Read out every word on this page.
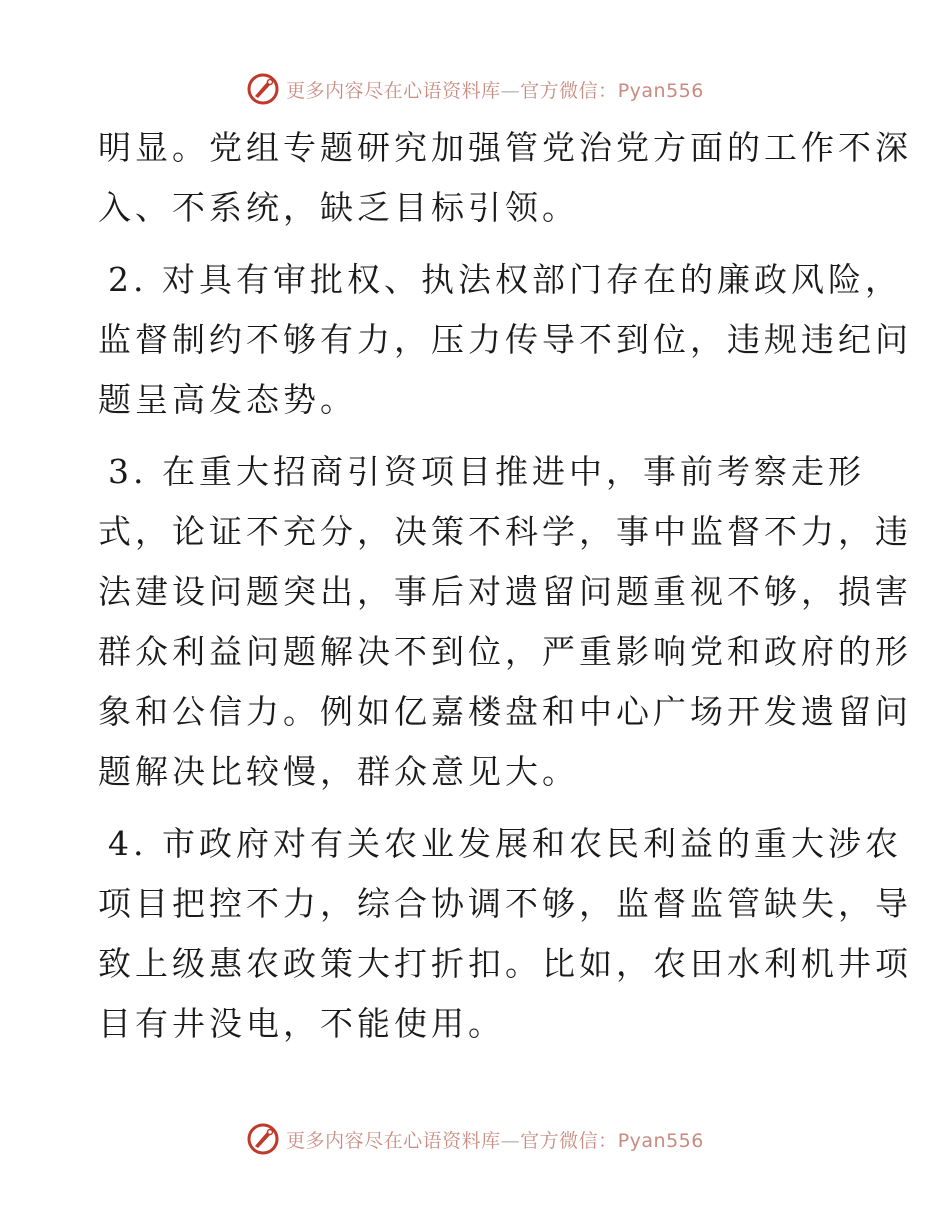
更多内容尽在心语资料库—官方微信：Pyan556

明显。党组专题研究加强管党治党方面的工作不深
入、不系统，缺乏目标引领。

2. 对具有审批权、执法权部门存在的廉政风险，
监督制约不够有力，压力传导不到位，违规违纪问
题呈高发态势。

3. 在重大招商引资项目推进中，事前考察走形
式，论证不充分，决策不科学，事中监督不力，违
法建设问题突出，事后对遗留问题重视不够，损害
群众利益问题解决不到位，严重影响党和政府的形
象和公信力。例如亿嘉楼盘和中心广场开发遗留问
题解决比较慢，群众意见大。

4. 市政府对有关农业发展和农民利益的重大涉农
项目把控不力，综合协调不够，监督监管缺失，导
致上级惠农政策大打折扣。比如，农田水利机井项
目有井没电，不能使用。

更多内容尽在心语资料库—官方微信：Pyan556
